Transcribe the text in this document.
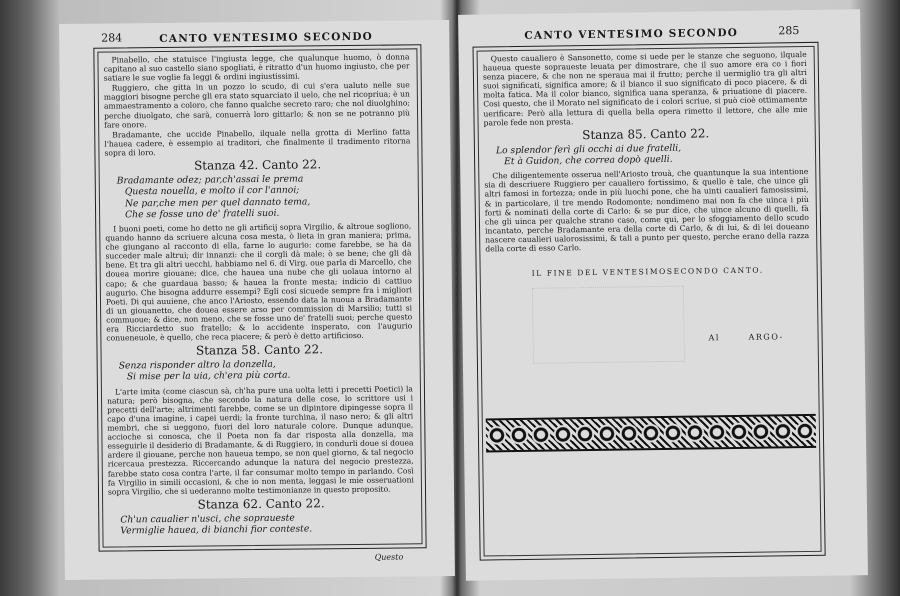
284	CANTO VENTESIMO SECONDO

Pinabello, che statuisce l'ingiusta legge, che qualunque huomo, ò donna capitano al suo castello siano spogliati, è ritratto d'un huomo ingiusto, che per satiare le sue voglie fa leggi & ordini ingiustissimi.

Ruggiero, che gitta in un pozzo lo scudo, di cui s'era ualuto nelle sue maggiori bisogne perche gli era stato squarciato il uelo, che nel ricopriua; è un ammaestramento a coloro, che fanno qualche secreto raro; che nol diuolghino; perche diuolgato, che sarà, conuerrà loro gittarlo; & non se ne potranno più fare onore.

Bradamante, che uccide Pinabello, ilquale nella grotta di Merlino fatta l'hauea cadere, è essempio ai traditori, che finalmente il tradimento ritorna sopra di loro.

Stanza 42. Canto 22.
Bradamante odez; par,ch'assai le prema
Questa nouella, e molto il cor l'annoi;
Ne par,che men per quel dannato tema,
Che se fosse uno de' fratelli suoi.

I buoni poeti, come ho detto ne gli artificij sopra Virgilio, & altroue sogliono, quando hanno da scriuere alcuna cosa mesta, ò lieta in gran maniera; prima, che giungano al racconto di ella, farne lo augurio: come farebbe, se ha da succeder male altrui; dir innanzi: che il corgli dà male; ò se bene; che gli dà bene. Et tra gli altri uecchi, habbiamo nel 6. di Virg. oue parla di Marcello, che douea morire giouane; dice, che hauea una nube che gli uolaua intorno al capo; & che guardaua basso; & hauea la fronte mesta; indicio di cattiuo augurio. Che bisogna addurre essempi? Egli cosi sicuede sempre fra i migliori Poeti. Di qui auuiene, che anco l'Ariosto, essendo data la nuoua a Bradamante di un giouanetto, che douea essere arso per commission di Marsilio; tutti si commuoue; & dice, non meno, che se fosse uno de' fratelli suoi; perche questo era Ricciardetto suo fratello; & lo accidente insperato, con l'augurio conueneuole, è quello, che reca piacere; & però è detto artificioso.

Stanza 58. Canto 22.
Senza risponder altro la donzella,
Si mise per la uia, ch'era più corta.

L'arte imita (come ciascun sà, ch'ha pure una uolta letti i precetti Poetici) la natura; però bisogna, che secondo la natura delle cose, lo scrittore usi i precetti dell'arte; altrimenti farebbe, come se un dipintore dipingesse sopra il capo d'una imagine, i capei uerdi; la fronte turchina, il naso nero; & gli altri membri, che si ueggono, fuori del loro naturale colore. Dunque adunque, accioche si conosca, che il Poeta non fa dar risposta alla donzella, ma esseguirle il desiderio di Bradamante, & di Ruggiero, in condurli doue si douea ardere il giouane, perche non haueua tempo, se non quel giorno, & tal negocio ricercaua prestezza. Riccercando adunque la natura del negocio prestezza, farebbe stato cosa contra l'arte, il far consumar molto tempo in parlando. Così fa Virgilio in simili occasioni, & che io non menta, leggasi le mie osseruationi sopra Virgilio, che si uederanno molte testimonianze in questo proposito.

Stanza 62. Canto 22.
Ch'un caualier n'usci, che sopraueste
Vermiglie hauea, di bianchi fior conteste.
Questo
CANTO VENTESIMO SECONDO	285

Questo caualiero è Sansonetto, come si uede per le stanze che seguono, ilquale haueua queste sopraueste leuata per dimostrare, che il suo amore era co i fiori senza piacere, & che non ne speraua mai il frutto; perche il uermiglio tra gli altri suoi significati, significa amore; & il bianco il suo significato di poco piacere, & di molta fatica. Ma il color bianco, significa uana speranza, & priuatione di piacere. Cosi questo, che il Morato nel significato de i colori scriue, si può cioè ottimamente uerificare: Però alla lettura di quella bella opera rimetto il lettore, che alle mie parole fede non presta.

Stanza 85. Canto 22.
Lo splendor ferì gli occhi ai due fratelli,
Et à Guidon, che correa dopò quelli.

Che diligentemente osserua nell'Ariosto trouà, che quantunque la sua intentione sia di descriuere Ruggiero per caualiero fortissimo, & quello è tale, che uince gli altri famosi in fortezza; onde in più luochi pone, che ha uinti caualieri famosissimi, & in particolare, il tre mendo Rodomonte; nondimeno mai non fa che uinca i più forti & nominati della corte di Carlo: & se pur dice, che uince alcuno di quelli, fà che gli uinca per qualche strano caso, come qui, per lo sfoggiamento dello scudo incantato, perche Bradamante era della corte di Carlo, & di lui, & di lei doueano nascere caualieri ualorosissimi, & tali a punto per questo, perche erano della razza della corte di esso Carlo.

IL FINE DEL VENTESIMOSECONDO CANTO.
Al	ARGO-
